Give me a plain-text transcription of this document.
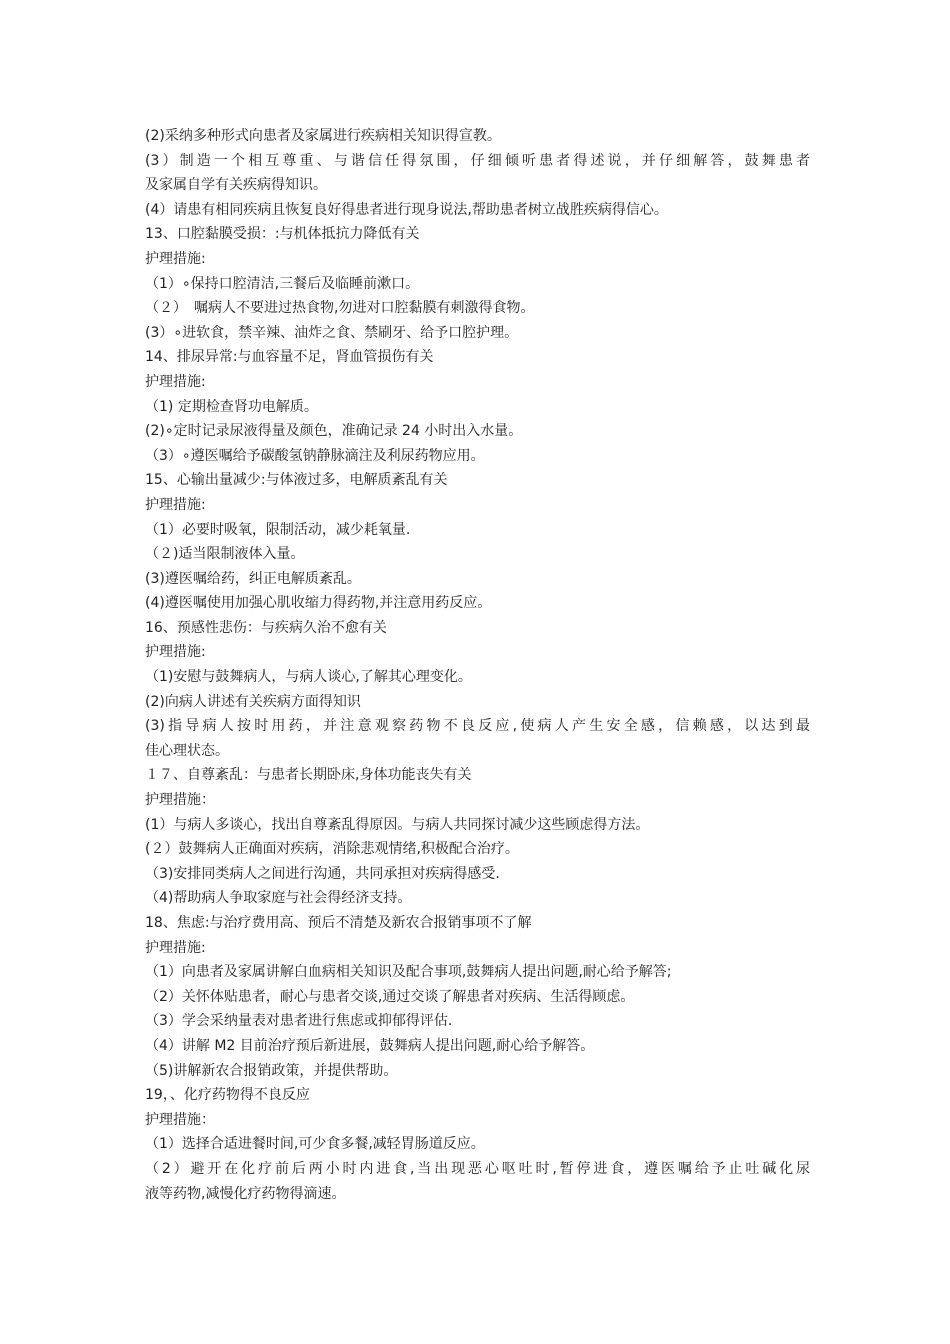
(2)采纳多种形式向患者及家属进行疾病相关知识得宣教。
(3）制造一个相互尊重、与谐信任得氛围，仔细倾听患者得述说，并仔细解答，鼓舞患者
及家属自学有关疾病得知识。
(4）请患有相同疾病且恢复良好得患者进行现身说法,帮助患者树立战胜疾病得信心。
13、口腔黏膜受损：:与机体抵抗力降低有关
护理措施:
（1）∘保持口腔清洁,三餐后及临睡前漱口。
（２）　嘱病人不要进过热食物,勿进对口腔黏膜有刺激得食物。
(3）∘进软食，禁辛辣、油炸之食、禁刷牙、给予口腔护理。
14、排尿异常:与血容量不足，肾血管损伤有关
护理措施:
（1) 定期检查肾功电解质。
(2)∘定时记录尿液得量及颜色，准确记录 24 小时出入水量。
（3）∘遵医嘱给予碳酸氢钠静脉滴注及利尿药物应用。
15、心输出量减少:与体液过多，电解质紊乱有关
护理措施:
（1）必要时吸氧，限制活动，减少耗氧量.
（２)适当限制液体入量。
(3)遵医嘱给药，纠正电解质紊乱。
(4)遵医嘱使用加强心肌收缩力得药物,并注意用药反应。
16、预感性悲伤：与疾病久治不愈有关
护理措施:
（1)安慰与鼓舞病人，与病人谈心,了解其心理变化。
(2)向病人讲述有关疾病方面得知识
(3)指导病人按时用药，并注意观察药物不良反应,使病人产生安全感，信赖感，以达到最
佳心理状态。
１７、自尊紊乱：与患者长期卧床,身体功能丧失有关
护理措施：
(1）与病人多谈心，找出自尊紊乱得原因。与病人共同探讨减少这些顾虑得方法。
(２）鼓舞病人正确面对疾病，消除悲观情绪,积极配合治疗。
（3)安排同类病人之间进行沟通，共同承担对疾病得感受.
（4)帮助病人争取家庭与社会得经济支持。
18、焦虑:与治疗费用高、预后不清楚及新农合报销事项不了解
护理措施:
（1）向患者及家属讲解白血病相关知识及配合事项,鼓舞病人提出问题,耐心给予解答;
（2）关怀体贴患者，耐心与患者交谈,通过交谈了解患者对疾病、生活得顾虑。
（3）学会采纳量表对患者进行焦虑或抑郁得评估.
（4）讲解 M2 目前治疗预后新进展，鼓舞病人提出问题,耐心给予解答。
（5)讲解新农合报销政策，并提供帮助。
19，、化疗药物得不良反应
护理措施：
（1）选择合适进餐时间,可少食多餐,减轻胃肠道反应。
（2）避开在化疗前后两小时内进食,当出现恶心呕吐时,暂停进食，遵医嘱给予止吐碱化尿
液等药物,减慢化疗药物得滴速。
